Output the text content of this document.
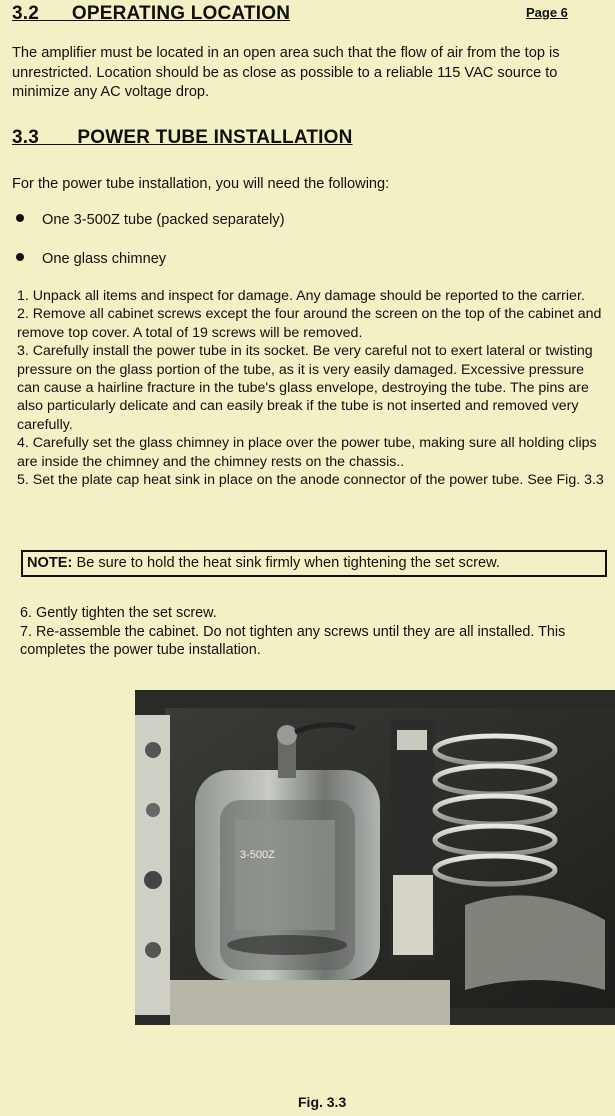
Page 6
3.2 OPERATING LOCATION
The amplifier must be located in an open area such that the flow of air from the top is unrestricted. Location should be as close as possible to a reliable 115 VAC source to minimize any AC voltage drop.
3.3 POWER TUBE INSTALLATION
For the power tube installation, you will need the following:
One 3-500Z tube (packed separately)
One glass chimney
1. Unpack all items and inspect for damage. Any damage should be reported to the carrier.
2. Remove all cabinet screws except the four around the screen on the top of the cabinet and remove top cover. A total of 19 screws will be removed.
3. Carefully install the power tube in its socket. Be very careful not to exert lateral or twisting pressure on the glass portion of the tube, as it is very easily damaged. Excessive pressure can cause a hairline fracture in the tube's glass envelope, destroying the tube. The pins are also particularly delicate and can easily break if the tube is not inserted and removed very carefully.
4. Carefully set the glass chimney in place over the power tube, making sure all holding clips are inside the chimney and the chimney rests on the chassis..
5. Set the plate cap heat sink in place on the anode connector of the power tube. See Fig. 3.3
NOTE: Be sure to hold the heat sink firmly when tightening the set screw.
6. Gently tighten the set screw.
7. Re-assemble the cabinet. Do not tighten any screws until they are all installed. This completes the power tube installation.
3-500Z
Fig. 3.3
